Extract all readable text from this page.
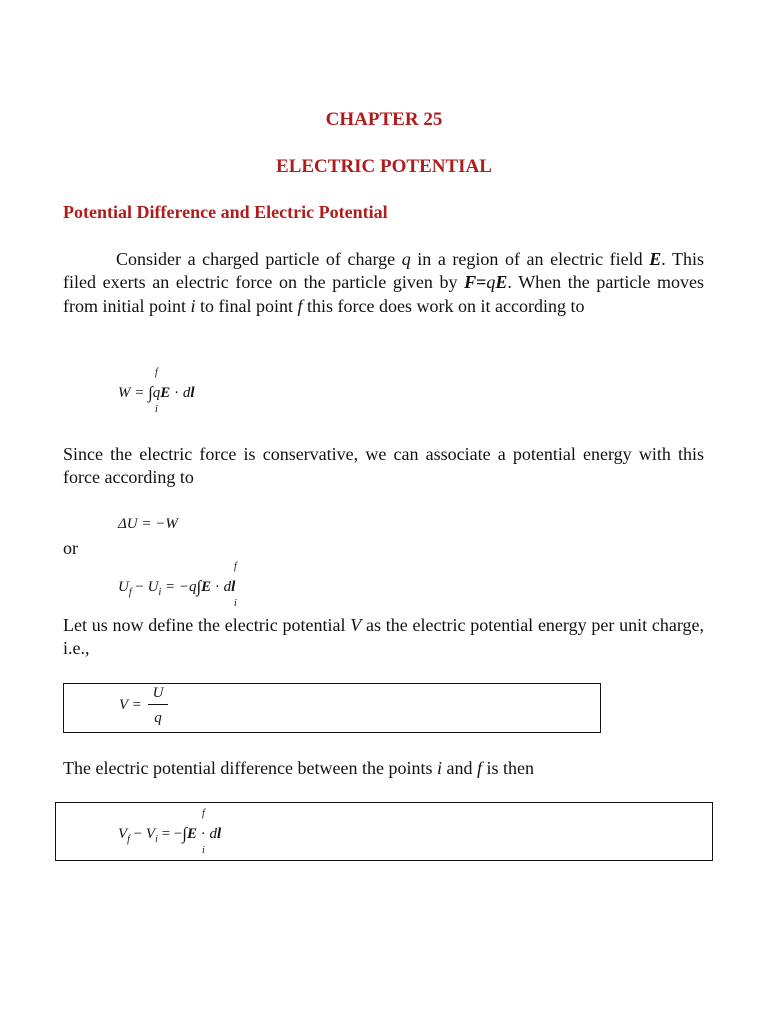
CHAPTER 25
ELECTRIC POTENTIAL
Potential Difference and Electric Potential

Consider a charged particle of charge q in a region of an electric field E. This filed exerts an electric force on the particle given by F=qE. When the particle moves from initial point i to final point f this force does work on it according to

f
W = ∫qE · dl
i

Since the electric force is conservative, we can associate a potential energy with this force according to

ΔU = −W
or
f
$U_f - U_i = -q\int E$ · dl
i

Let us now define the electric potential V as the electric potential energy per unit charge, i.e.,

V =
U
q

The electric potential difference between the points i and f is then

f
$V_f - V_i = -\int E$ · dl
i
